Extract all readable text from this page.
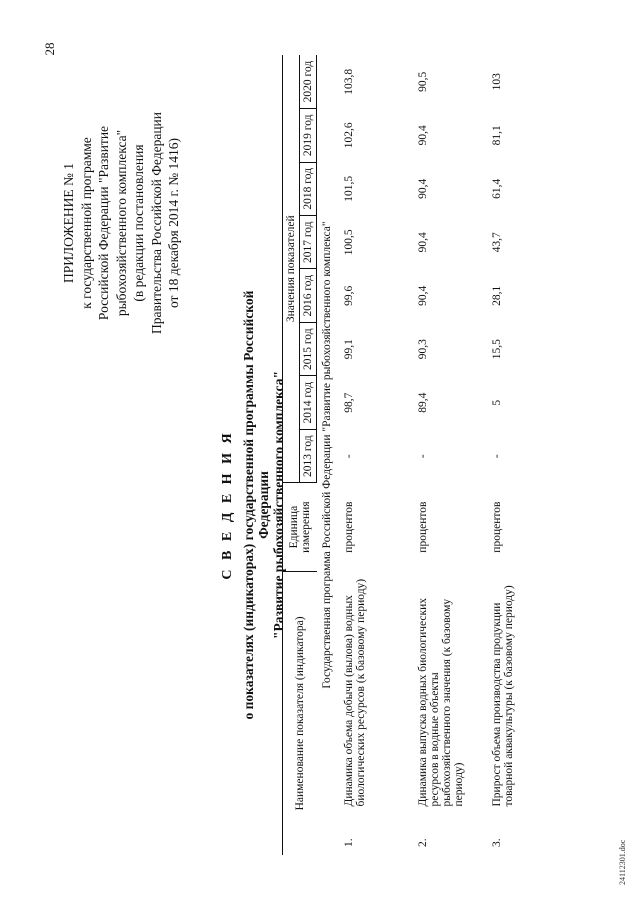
28
ПРИЛОЖЕНИЕ № 1 к государственной программе Российской Федерации "Развитие рыбохозяйственного комплекса" (в редакции постановления Правительства Российской Федерации от 18 декабря 2014 г. № 1416)
С В Е Д Е Н И Я о показателях (индикаторах) государственной программы Российской Федерации "Развитие рыбохозяйственного комплекса"
Наименование показателя (индикатора)		Единица измерения	Значения показателей							
			2013 год	2014 год	2015 год	2016 год	2017 год	2018 год	2019 год	2020 год
Государственная программа Российской Федерации "Развитие рыбохозяйственного комплекса"										
1.	Динамика объема добычи (вылова) водных биологических ресурсов (к базовому периоду)	процентов	-	98,7	99,1	99,6	100,5	101,5	102,6	103,8
2.	Динамика выпуска водных биологических ресурсов в водные объекты рыбохозяйственного значения (к базовому периоду)	процентов	-	89,4	90,3	90,4	90,4	90,4	90,4	90,5
3.	Прирост объема производства продукции товарной аквакультуры (к базовому периоду)	процентов	-	5	15,5	28,1	43,7	61,4	81,1	103
24112301.doc
